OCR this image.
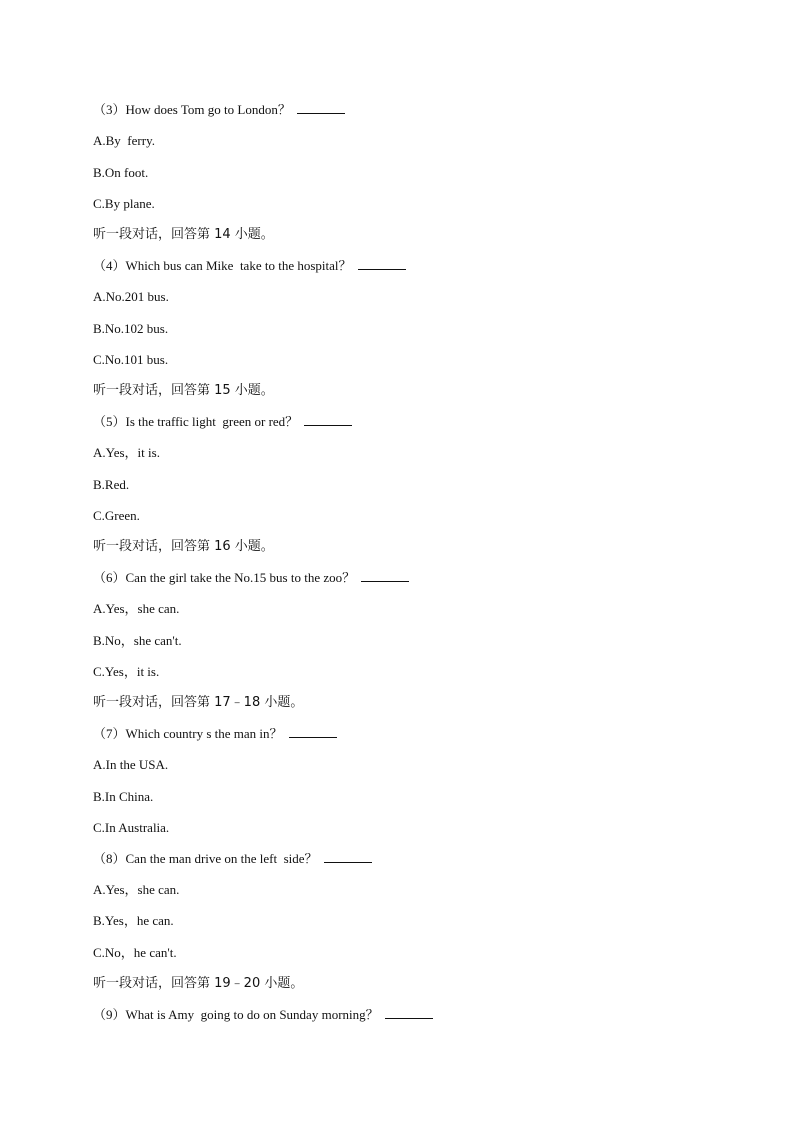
（3）How does Tom go to London？
A.By  ferry.
B.On foot.
C.By plane.
听一段对话，回答第 14 小题。
（4）Which bus can Mike  take to the hospital？
A.No.201 bus.
B.No.102 bus.
C.No.101 bus.
听一段对话，回答第 15 小题。
（5）Is the traffic light  green or red？
A.Yes，it is.
B.Red.
C.Green.
听一段对话，回答第 16 小题。
（6）Can the girl take the No.15 bus to the zoo？
A.Yes，she can.
B.No，she can't.
C.Yes，it is.
听一段对话，回答第 17﹣18 小题。
（7）Which country s the man in？
A.In the USA.
B.In China.
C.In Australia.
（8）Can the man drive on the left  side？
A.Yes，she can.
B.Yes，he can.
C.No，he can't.
听一段对话，回答第 19﹣20 小题。
（9）What is Amy  going to do on Sunday morning？
